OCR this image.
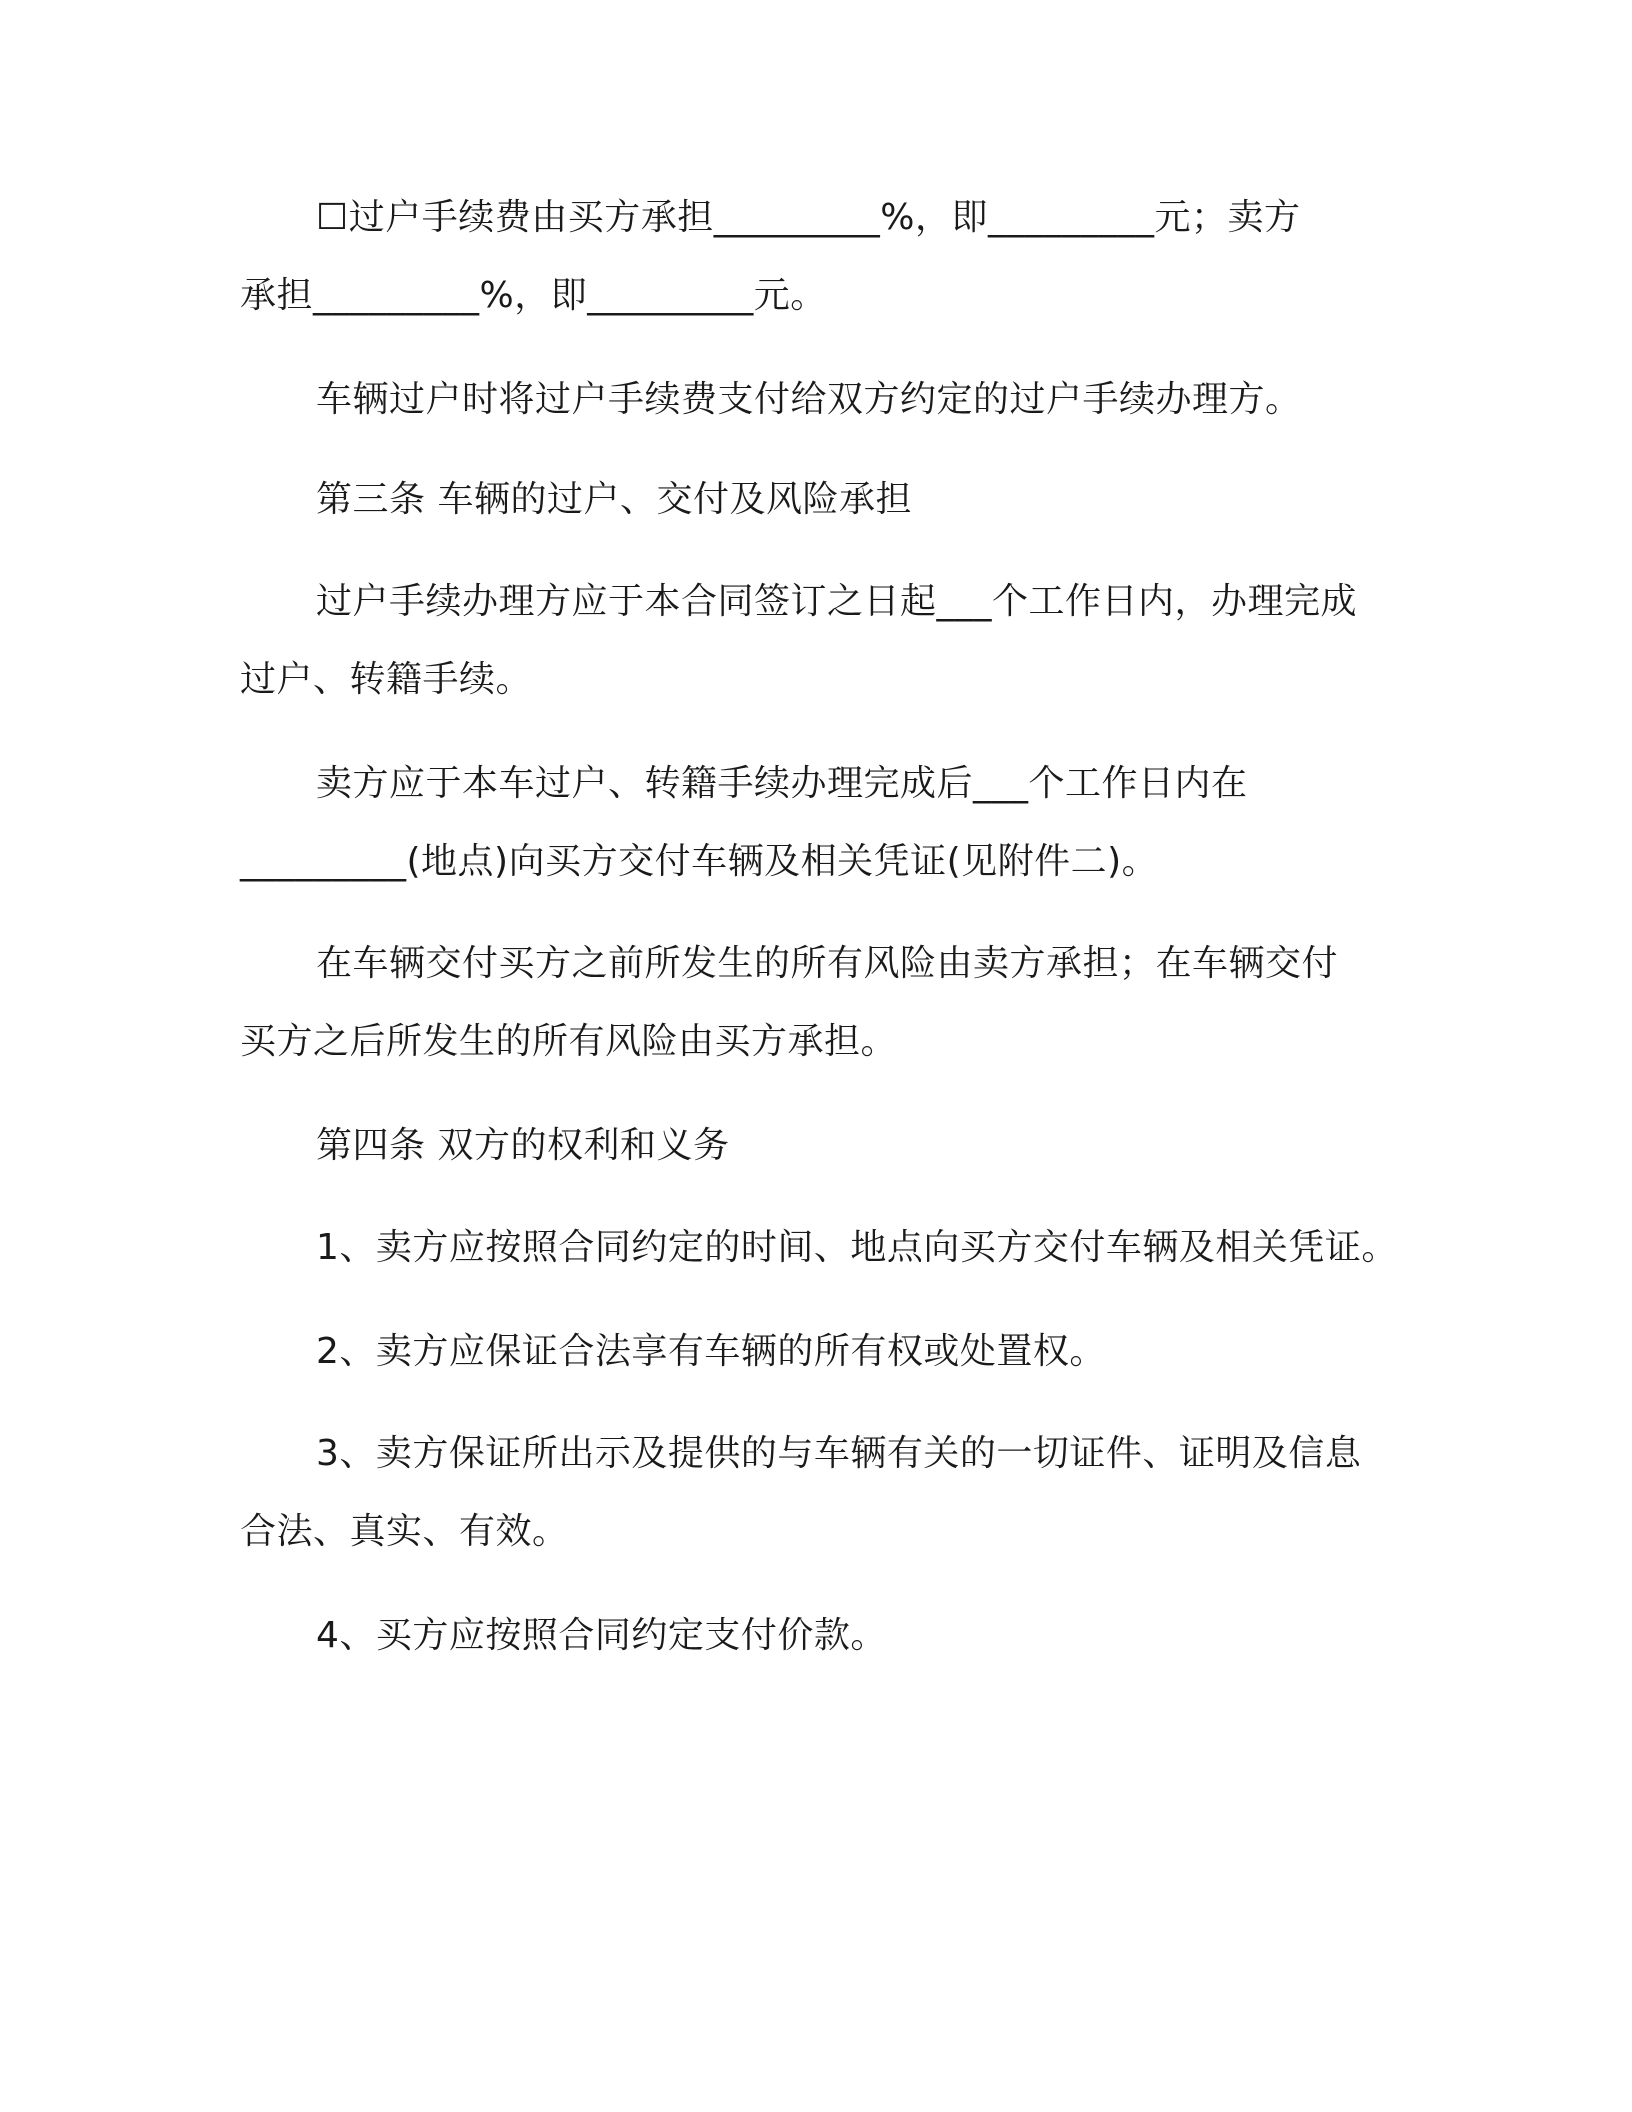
☐过户手续费由买方承担_________%，即_________元；卖方
承担_________%，即_________元。
车辆过户时将过户手续费支付给双方约定的过户手续办理方。
第三条 车辆的过户、交付及风险承担
过户手续办理方应于本合同签订之日起___个工作日内，办理完成
过户、转籍手续。
卖方应于本车过户、转籍手续办理完成后___个工作日内在
_________(地点)向买方交付车辆及相关凭证(见附件二)。
在车辆交付买方之前所发生的所有风险由卖方承担；在车辆交付
买方之后所发生的所有风险由买方承担。
第四条 双方的权利和义务
1、卖方应按照合同约定的时间、地点向买方交付车辆及相关凭证。
2、卖方应保证合法享有车辆的所有权或处置权。
3、卖方保证所出示及提供的与车辆有关的一切证件、证明及信息
合法、真实、有效。
4、买方应按照合同约定支付价款。
